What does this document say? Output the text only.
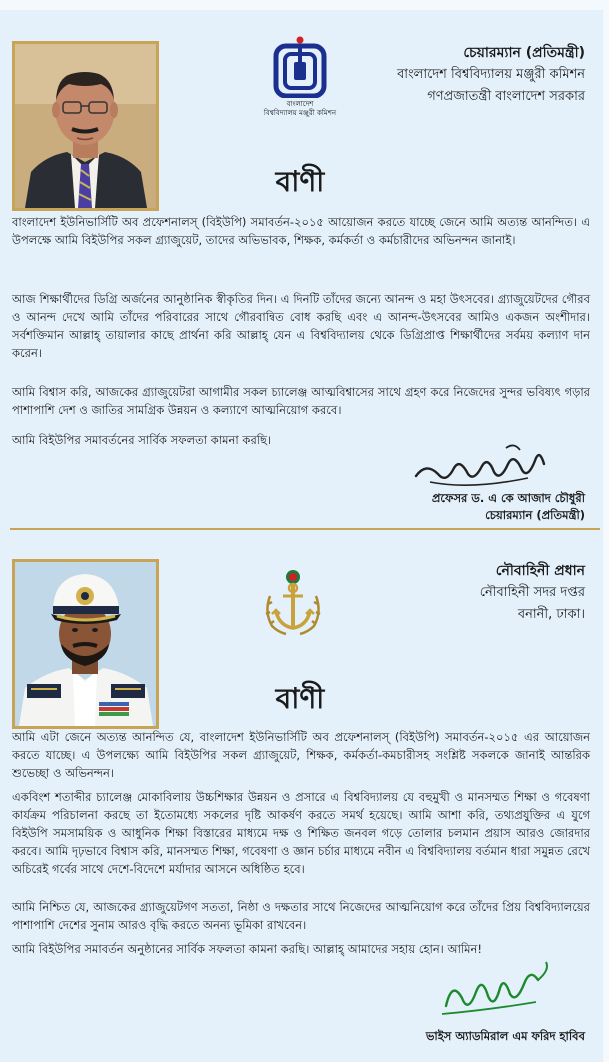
বাংলাদেশ
বিশ্ববিদ্যালয় মঞ্জুরী কমিশন
চেয়ারম্যান (প্রতিমন্ত্রী)
বাংলাদেশ বিশ্ববিদ্যালয় মঞ্জুরী কমিশন
গণপ্রজাতন্ত্রী বাংলাদেশ সরকার
বাণী

বাংলাদেশ ইউনিভার্সিটি অব প্রফেশনালস্ (বিইউপি) সমাবর্তন-২০১৫ আয়োজন করতে যাচ্ছে জেনে আমি অত্যন্ত আনন্দিত। এ উপলক্ষে আমি বিইউপির সকল গ্র্যাজুয়েট, তাদের অভিভাবক, শিক্ষক, কর্মকর্তা ও কর্মচারীদের অভিনন্দন জানাই।

আজ শিক্ষার্থীদের ডিগ্রি অর্জনের আনুষ্ঠানিক স্বীকৃতির দিন। এ দিনটি তাঁদের জন্যে আনন্দ ও মহা উৎসবের। গ্র্যাজুয়েটদের গৌরব ও আনন্দ দেখে আমি তাঁদের পরিবারের সাথে গৌরবান্বিত বোধ করছি এবং এ আনন্দ-উৎসবের আমিও একজন অংশীদার। সর্বশক্তিমান আল্লাহ্ তায়ালার কাছে প্রার্থনা করি আল্লাহ্ যেন এ বিশ্ববিদ্যালয় থেকে ডিগ্রিপ্রাপ্ত শিক্ষার্থীদের সর্বময় কল্যাণ দান করেন।

আমি বিশ্বাস করি, আজকের গ্র্যাজুয়েটরা আগামীর সকল চ্যালেঞ্জ আত্মবিশ্বাসের সাথে গ্রহণ করে নিজেদের সুন্দর ভবিষ্যৎ গড়ার পাশাপাশি দেশ ও জাতির সামগ্রিক উন্নয়ন ও কল্যাণে আত্মনিয়োগ করবে।

আমি বিইউপির সমাবর্তনের সার্বিক সফলতা কামনা করছি।

প্রফেসর ড. এ কে আজাদ চৌধুরী
চেয়ারম্যান (প্রতিমন্ত্রী)
নৌবাহিনী প্রধান
নৌবাহিনী সদর দপ্তর
বনানী, ঢাকা।
বাণী

আমি এটা জেনে অত্যন্ত আনন্দিত যে, বাংলাদেশ ইউনিভার্সিটি অব প্রফেশনালস্ (বিইউপি) সমাবর্তন-২০১৫ এর আয়োজন করতে যাচ্ছে। এ উপলক্ষ্যে আমি বিইউপির সকল গ্র্যাজুয়েট, শিক্ষক, কর্মকর্তা-কমচারীসহ সংশ্লিষ্ট সকলকে জানাই আন্তরিক শুভেচ্ছা ও অভিনন্দন।

একবিংশ শতাব্দীর চ্যালেঞ্জ মোকাবিলায় উচ্চশিক্ষার উন্নয়ন ও প্রসারে এ বিশ্ববিদ্যালয় যে বহুমুখী ও মানসম্মত শিক্ষা ও গবেষণা কার্যক্রম পরিচালনা করছে তা ইতোমধ্যে সকলের দৃষ্টি আকর্ষণ করতে সমর্থ হয়েছে। আমি আশা করি, তথ্যপ্রযুক্তির এ যুগে বিইউপি সমসাময়িক ও আধুনিক শিক্ষা বিস্তারের মাধ্যমে দক্ষ ও শিক্ষিত জনবল গড়ে তোলার চলমান প্রয়াস আরও জোরদার করবে। আমি দৃঢ়ভাবে বিশ্বাস করি, মানসম্মত শিক্ষা, গবেষণা ও জ্ঞান চর্চার মাধ্যমে নবীন এ বিশ্ববিদ্যালয় বর্তমান ধারা সমুন্নত রেখে অচিরেই গর্বের সাথে দেশে-বিদেশে মর্যাদার আসনে অধিষ্ঠিত হবে।

আমি নিশ্চিত যে, আজকের গ্র্যাজুয়েটগণ সততা, নিষ্ঠা ও দক্ষতার সাথে নিজেদের আত্মনিয়োগ করে তাঁদের প্রিয় বিশ্ববিদ্যালয়ের পাশাপাশি দেশের সুনাম আরও বৃদ্ধি করতে অনন্য ভূমিকা রাখবেন।

আমি বিইউপির সমাবর্তন অনুষ্ঠানের সার্বিক সফলতা কামনা করছি। আল্লাহ্ আমাদের সহায় হোন। আমিন!

ভাইস অ্যাডমিরাল এম ফরিদ হাবিব
